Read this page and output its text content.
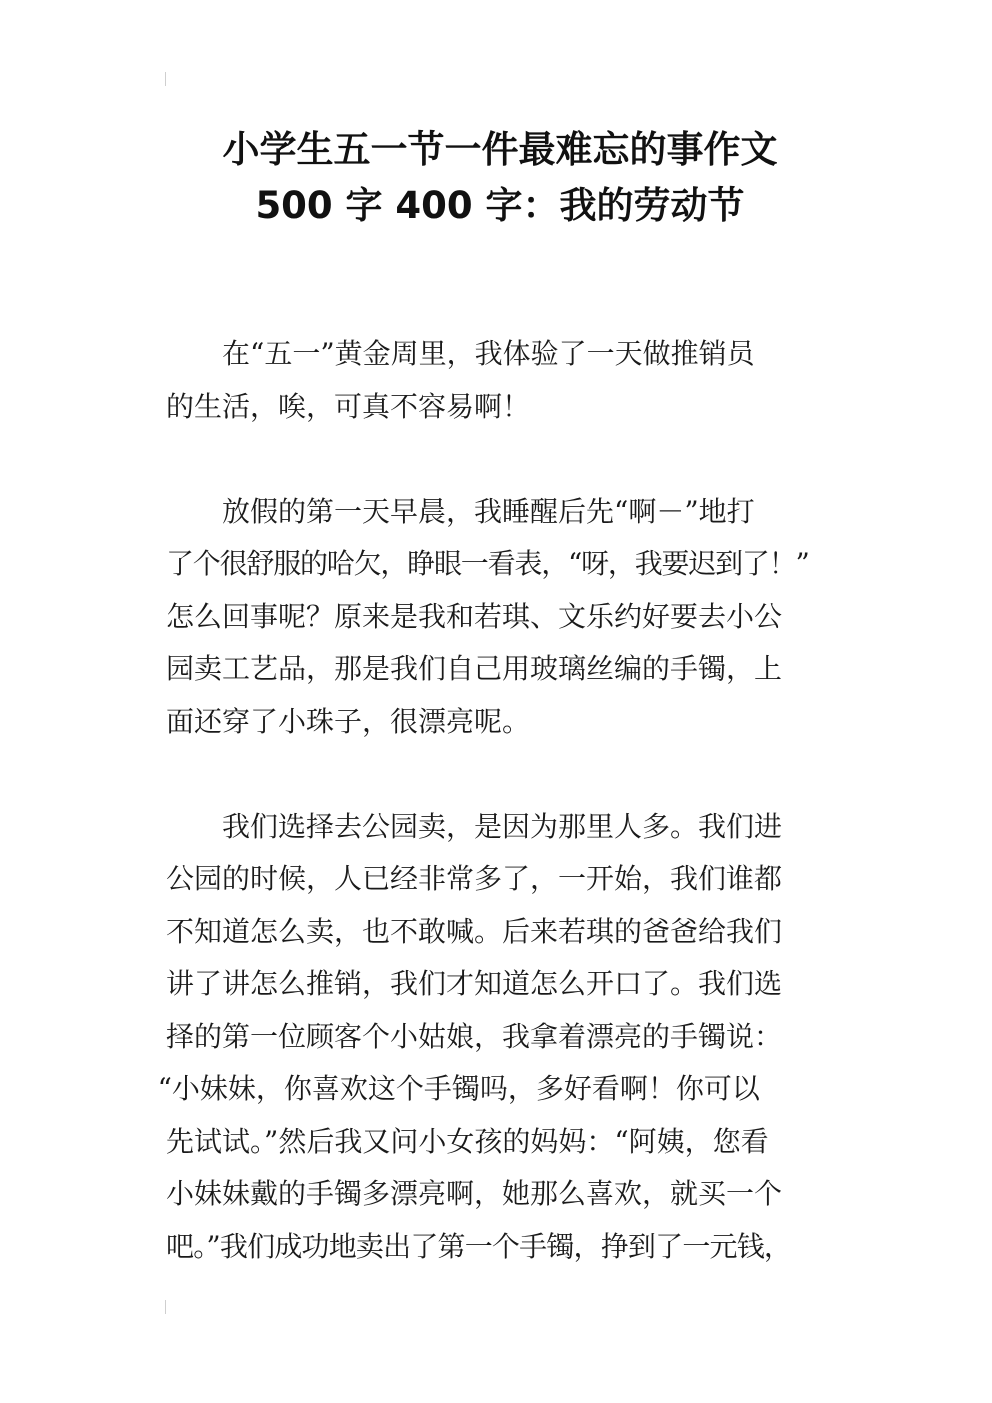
小学生五一节一件最难忘的事作文
500 字 400 字：我的劳动节

在“五一”黄金周里，我体验了一天做推销员
的生活，唉，可真不容易啊！

放假的第一天早晨，我睡醒后先“啊－”地打
了个很舒服的哈欠，睁眼一看表，“呀，我要迟到了！”
怎么回事呢？原来是我和若琪、文乐约好要去小公
园卖工艺品，那是我们自己用玻璃丝编的手镯，上
面还穿了小珠子，很漂亮呢。

我们选择去公园卖，是因为那里人多。我们进
公园的时候，人已经非常多了，一开始，我们谁都
不知道怎么卖，也不敢喊。后来若琪的爸爸给我们
讲了讲怎么推销，我们才知道怎么开口了。我们选
择的第一位顾客个小姑娘，我拿着漂亮的手镯说：
“小妹妹，你喜欢这个手镯吗，多好看啊！你可以
先试试。”然后我又问小女孩的妈妈：“阿姨，您看
小妹妹戴的手镯多漂亮啊，她那么喜欢，就买一个
吧。”我们成功地卖出了第一个手镯，挣到了一元钱，
